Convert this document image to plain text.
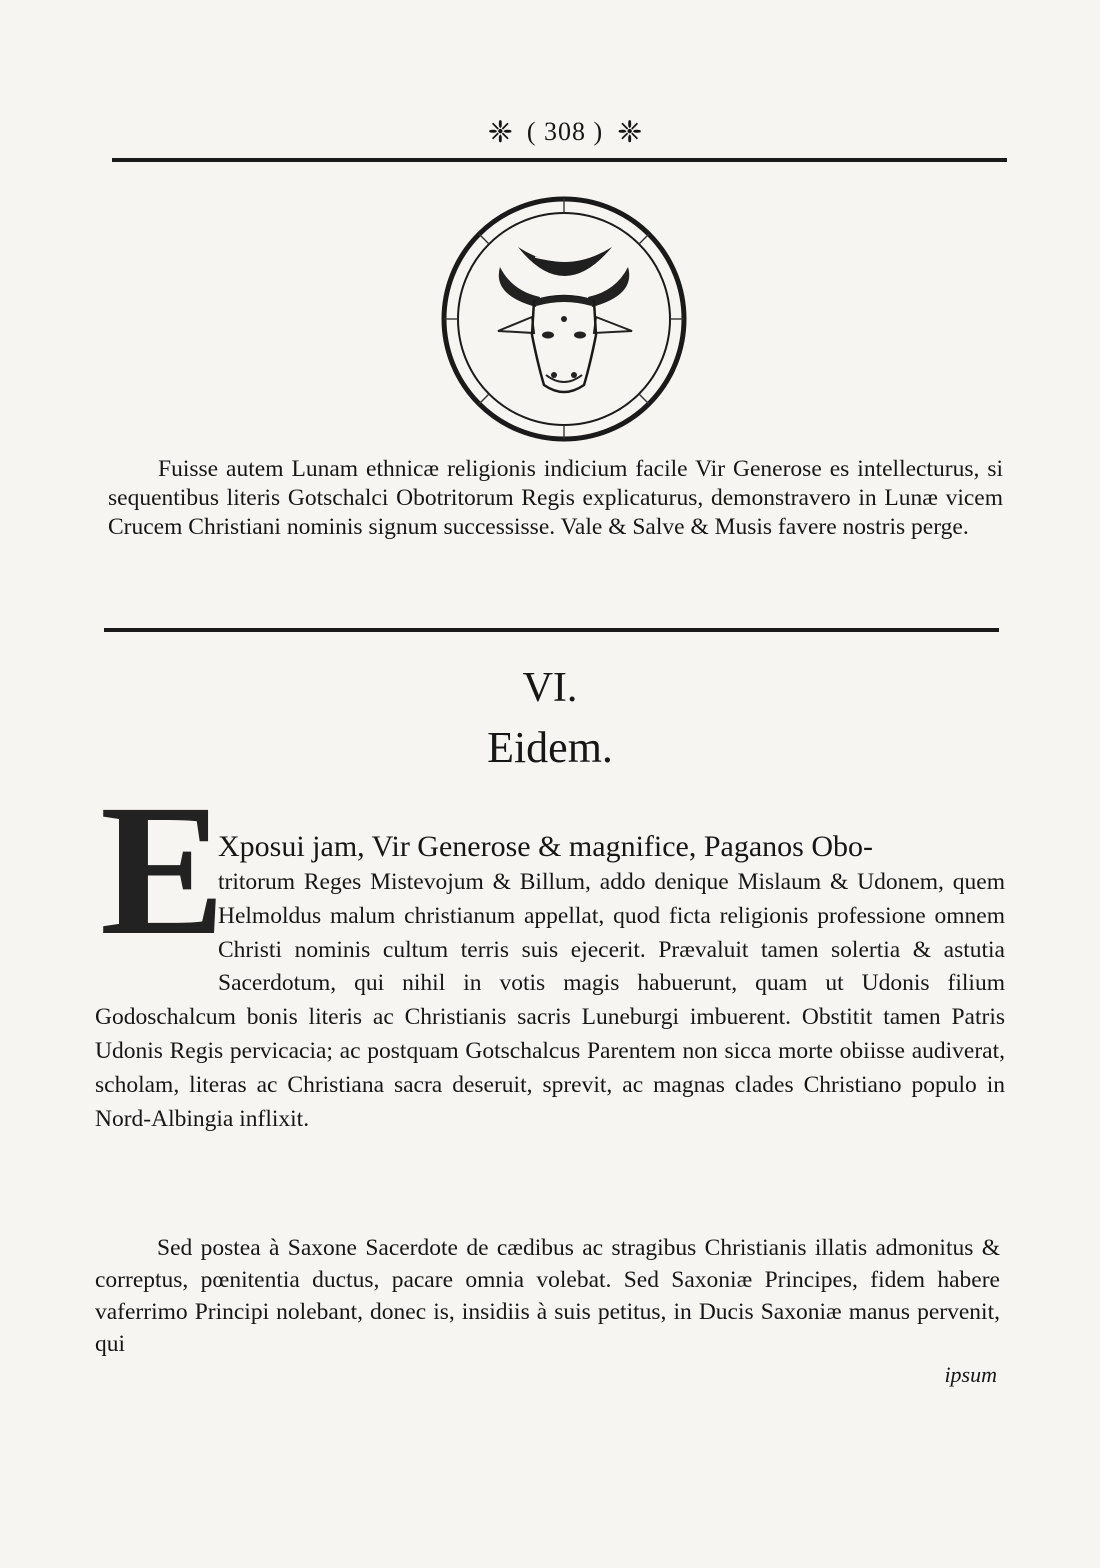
❈ ( 308 ) ❈

Fuisse autem Lunam ethnicæ religionis indicium facile Vir Generose es intellecturus, si sequentibus literis Gotschalci Obotritorum Regis explicaturus, demonstravero in Lunæ vicem Crucem Christiani nominis signum successisse. Vale & Salve & Musis favere nostris perge.

VI.
Eidem.
E

Xposui jam, Vir Generose & magnifice, Paganos Obo-

tritorum Reges Mistevojum & Billum, addo denique Mislaum & Udonem, quem Helmoldus malum christianum appellat, quod ficta religionis professione omnem Christi nominis cultum terris suis ejecerit. Prævaluit tamen solertia & astutia Sacerdotum, qui nihil in votis magis habuerunt, quam ut Udonis filium Godoschalcum bonis literis ac Christianis sacris Luneburgi imbuerent. Obstitit tamen Patris Udonis Regis pervicacia; ac postquam Gotschalcus Parentem non sicca morte obiisse audiverat, scholam, literas ac Christiana sacra deseruit, sprevit, ac magnas clades Christiano populo in Nord-Albingia inflixit.

Sed postea à Saxone Sacerdote de cædibus ac stragibus Christianis illatis admonitus & correptus, pœnitentia ductus, pacare omnia volebat. Sed Saxoniæ Principes, fidem habere vaferrimo Principi nolebant, donec is, insidiis à suis petitus, in Ducis Saxoniæ manus pervenit, qui

ipsum
